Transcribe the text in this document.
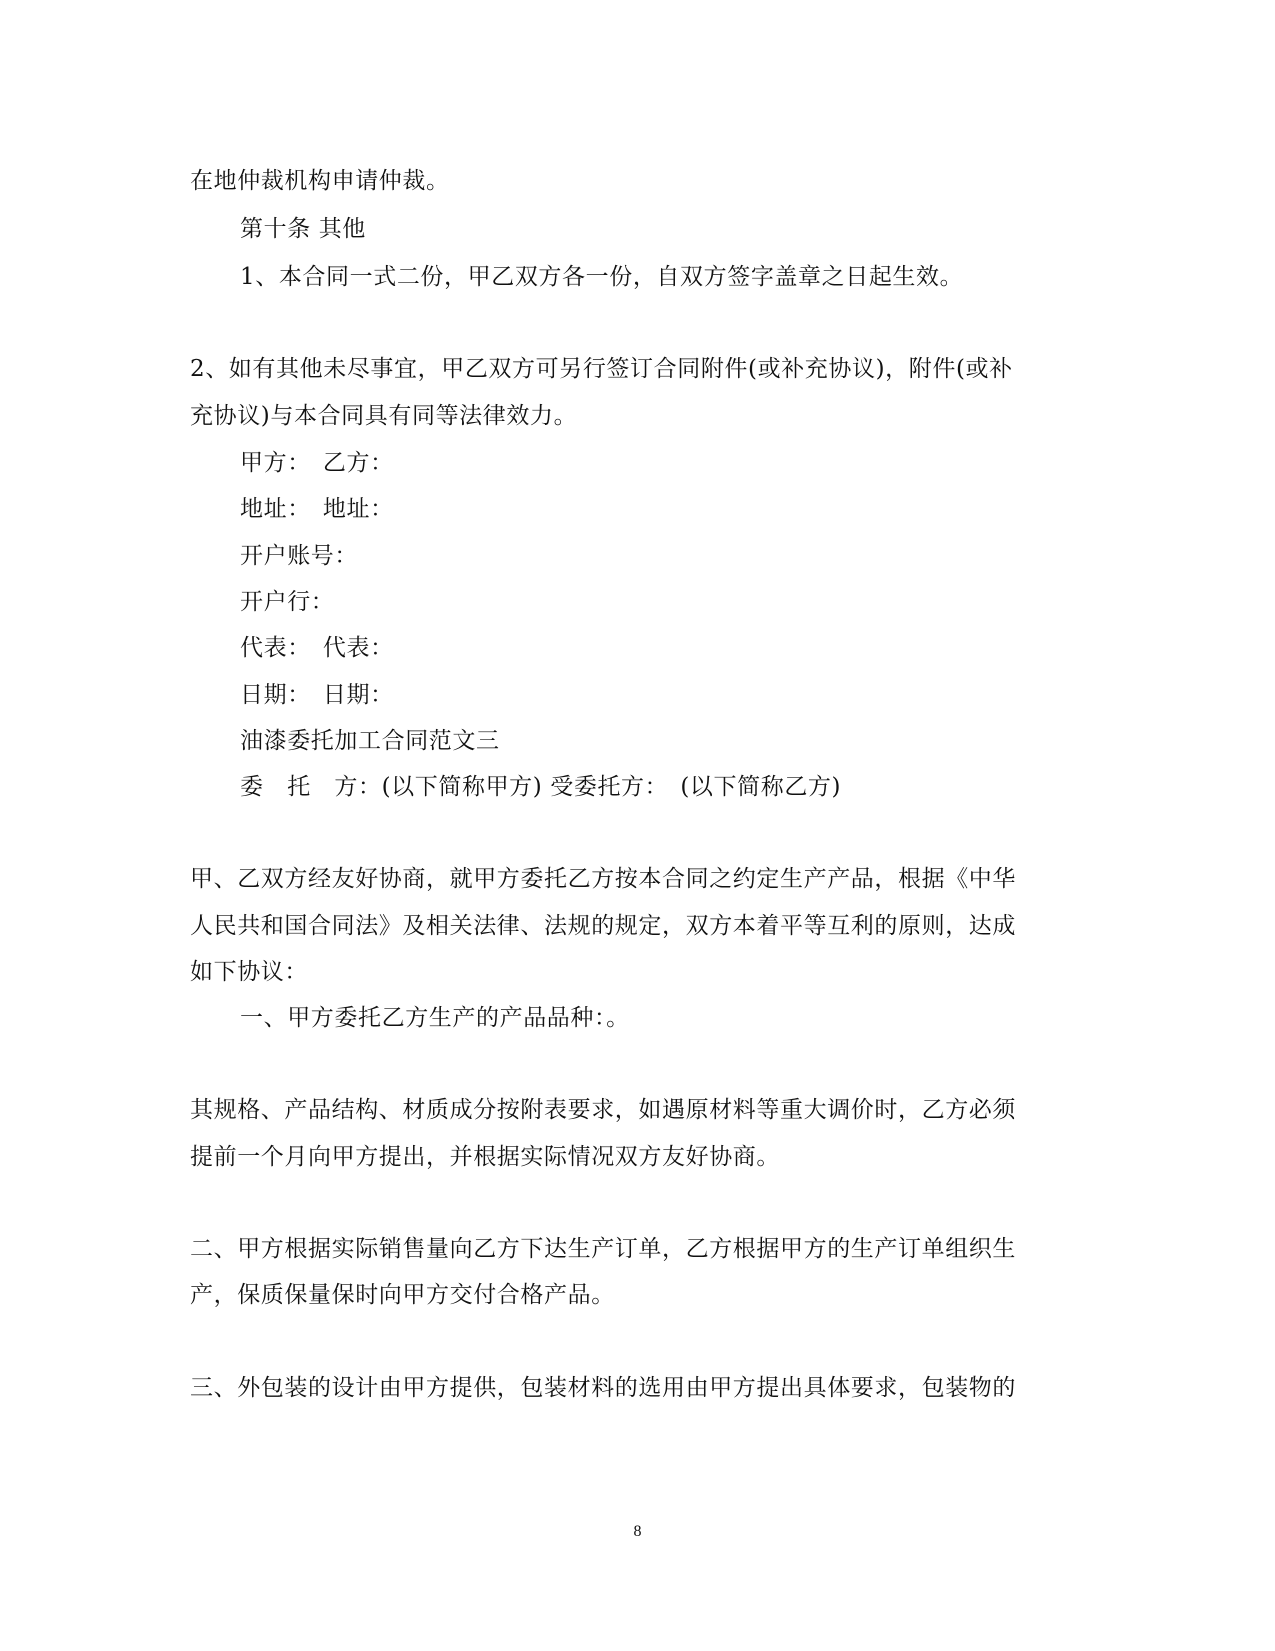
在地仲裁机构申请仲裁。
第十条 其他
1、本合同一式二份，甲乙双方各一份，自双方签字盖章之日起生效。
2、如有其他未尽事宜，甲乙双方可另行签订合同附件(或补充协议)，附件(或补
充协议)与本合同具有同等法律效力。
甲方：　乙方：
地址：　地址：
开户账号：
开户行：
代表：　代表：
日期：　日期：
油漆委托加工合同范文三
委　托　方：(以下简称甲方) 受委托方：　(以下简称乙方)
甲、乙双方经友好协商，就甲方委托乙方按本合同之约定生产产品，根据《中华
人民共和国合同法》及相关法律、法规的规定，双方本着平等互利的原则，达成
如下协议：
一、甲方委托乙方生产的产品品种：。
其规格、产品结构、材质成分按附表要求，如遇原材料等重大调价时，乙方必须
提前一个月向甲方提出，并根据实际情况双方友好协商。
二、甲方根据实际销售量向乙方下达生产订单，乙方根据甲方的生产订单组织生
产，保质保量保时向甲方交付合格产品。
三、外包装的设计由甲方提供，包装材料的选用由甲方提出具体要求，包装物的
8
